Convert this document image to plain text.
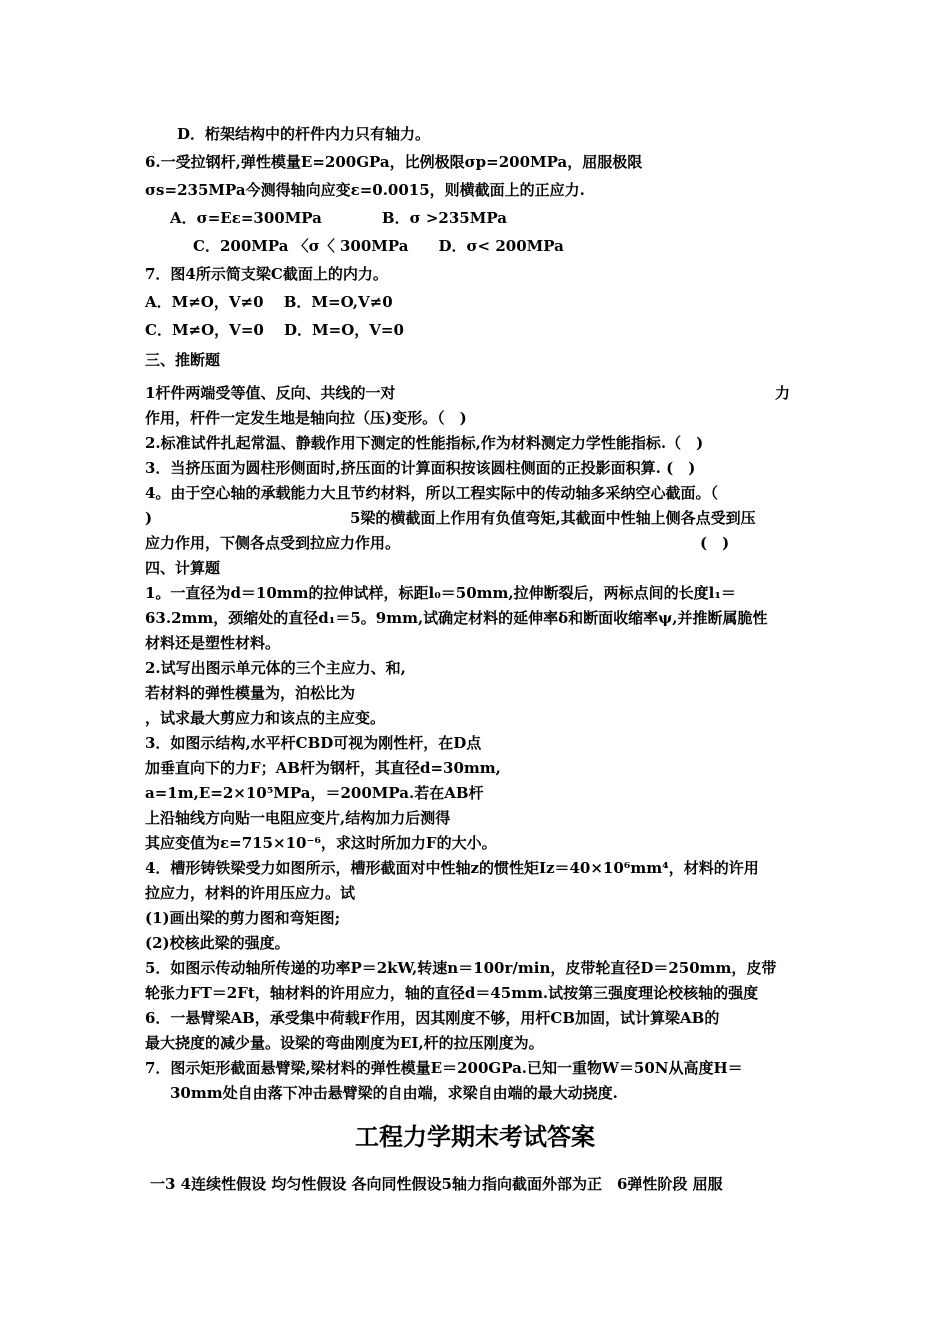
D．桁架结构中的杆件内力只有轴力。
6.一受拉钢杆,弹性模量E=200GPa，比例极限σp=200MPa，屈服极限
σs=235MPa今测得轴向应变ε=0.0015，则横截面上的正应力.
A．σ=Eε=300MPa　　　　B．σ >235MPa
C．200MPa 〈σ〈 300MPa　　D．σ< 200MPa
7．图4所示简支梁C截面上的内力。
A．M≠O，V≠0　 B．M=O,V≠0
C．M≠O，V=0　 D．M=O，V=0
三、推断题
1杆件两端受等值、反向、共线的一对	力
作用，杆件一定发生地是轴向拉（压)变形。（　)
2.标准试件扎起常温、静载作用下测定的性能指标,作为材料测定力学性能指标.（　)
3．当挤压面为圆柱形侧面时,挤压面的计算面积按该圆柱侧面的正投影面积算. (　)
4。由于空心轴的承载能力大且节约材料，所以工程实际中的传动轴多采纳空心截面。（
)	5梁的横截面上作用有负值弯矩,其截面中性轴上侧各点受到压
应力作用，下侧各点受到拉应力作用。	(　)
四、计算题
1。一直径为d＝10mm的拉伸试样，标距l₀＝50mm,拉伸断裂后，两标点间的长度l₁＝
63.2mm，颈缩处的直径d₁＝5。9mm,试确定材料的延伸率δ和断面收缩率ψ,并推断属脆性
材料还是塑性材料。
2.试写出图示单元体的三个主应力、和,
若材料的弹性模量为，泊松比为
，试求最大剪应力和该点的主应变。
3．如图示结构,水平杆CBD可视为刚性杆，在D点
加垂直向下的力F；AB杆为钢杆，其直径d=30mm,
a=1m,E=2×10⁵MPa，＝200MPa.若在AB杆
上沿轴线方向贴一电阻应变片,结构加力后测得
其应变值为ε=715×10⁻⁶，求这时所加力F的大小。
4．槽形铸铁梁受力如图所示，槽形截面对中性轴z的惯性矩Iz＝40×10⁶mm⁴，材料的许用
拉应力，材料的许用压应力。试
(1)画出梁的剪力图和弯矩图;
(2)校核此梁的强度。
5．如图示传动轴所传递的功率P＝2kW,转速n＝100r/min，皮带轮直径D＝250mm，皮带
轮张力FT＝2Ft，轴材料的许用应力，轴的直径d＝45mm.试按第三强度理论校核轴的强度
6．一悬臂梁AB，承受集中荷载F作用，因其刚度不够，用杆CB加固，试计算梁AB的
最大挠度的减少量。设梁的弯曲刚度为EI,杆的拉压刚度为。
7．图示矩形截面悬臂梁,梁材料的弹性模量E＝200GPa.已知一重物W＝50N从高度H＝
30mm处自由落下冲击悬臂梁的自由端，求梁自由端的最大动挠度.
工程力学期末考试答案
一3 4连续性假设 均匀性假设 各向同性假设5轴力指向截面外部为正　6弹性阶段 屈服
